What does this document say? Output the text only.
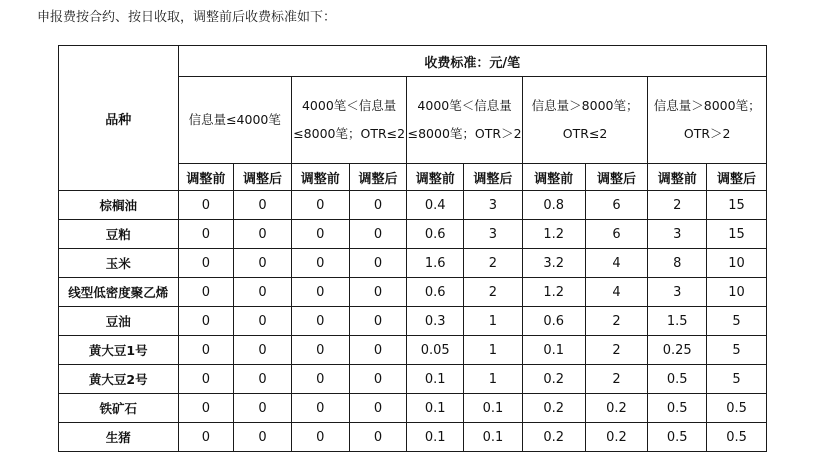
申报费按合约、按日收取，调整前后收费标准如下：
品种	收费标准：元/笔									
	信息量≤4000笔		4000笔＜信息量≤8000笔；OTR≤2		4000笔＜信息量≤8000笔；OTR＞2		信息量＞8000笔；OTR≤2		信息量＞8000笔；OTR＞2	
	调整前	调整后	调整前	调整后	调整前	调整后	调整前	调整后	调整前	调整后
棕榈油	0	0	0	0	0.4	3	0.8	6	2	15
豆粕	0	0	0	0	0.6	3	1.2	6	3	15
玉米	0	0	0	0	1.6	2	3.2	4	8	10
线型低密度聚乙烯	0	0	0	0	0.6	2	1.2	4	3	10
豆油	0	0	0	0	0.3	1	0.6	2	1.5	5
黄大豆1号	0	0	0	0	0.05	1	0.1	2	0.25	5
黄大豆2号	0	0	0	0	0.1	1	0.2	2	0.5	5
铁矿石	0	0	0	0	0.1	0.1	0.2	0.2	0.5	0.5
生猪	0	0	0	0	0.1	0.1	0.2	0.2	0.5	0.5
